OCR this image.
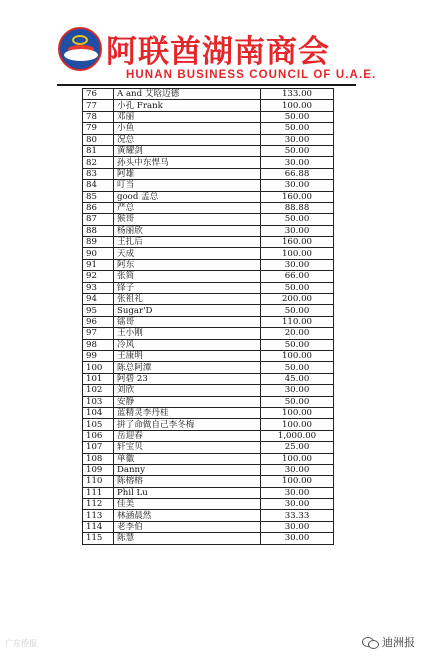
阿联酋湖南商会
HUNAN BUSINESS COUNCIL OF U.A.E.
76	A and 艾晗迈德	133.00
77	小孔 Frank	100.00
78	邓丽	50.00
79	小鱼	50.00
80	况总	30.00
81	黄耀剑	50.00
82	孙头中东悍马	30.00
83	阿雄	66.88
84	叮当	30.00
85	good 孟总	160.00
86	严总	88.88
87	猴哥	50.00
88	杨丽欣	30.00
89	王扎后	160.00
90	天成	100.00
91	阿东	30.00
92	张简	66.00
93	锋子	50.00
94	张祖礼	200.00
95	Sugar'D	50.00
96	镭哥	110.00
97	王小刚	20.00
98	冷风	50.00
99	王康明	100.00
100	陈总阿潭	50.00
101	阿碧 23	45.00
102	刘欣	30.00
103	安静	50.00
104	蓝精灵李丹桂	100.00
105	拼了命做自己李冬梅	100.00
106	岳迎春	1,000.00
107	轩宝贝	25.00
108	单徽	100.00
109	Danny	30.00
110	陈榕榕	100.00
111	Phil Lu	30.00
112	佳美	30.00
113	林涵晨然	33.33
114	老李伯	30.00
115	陈慧	30.00
广东侨报	迪洲报
